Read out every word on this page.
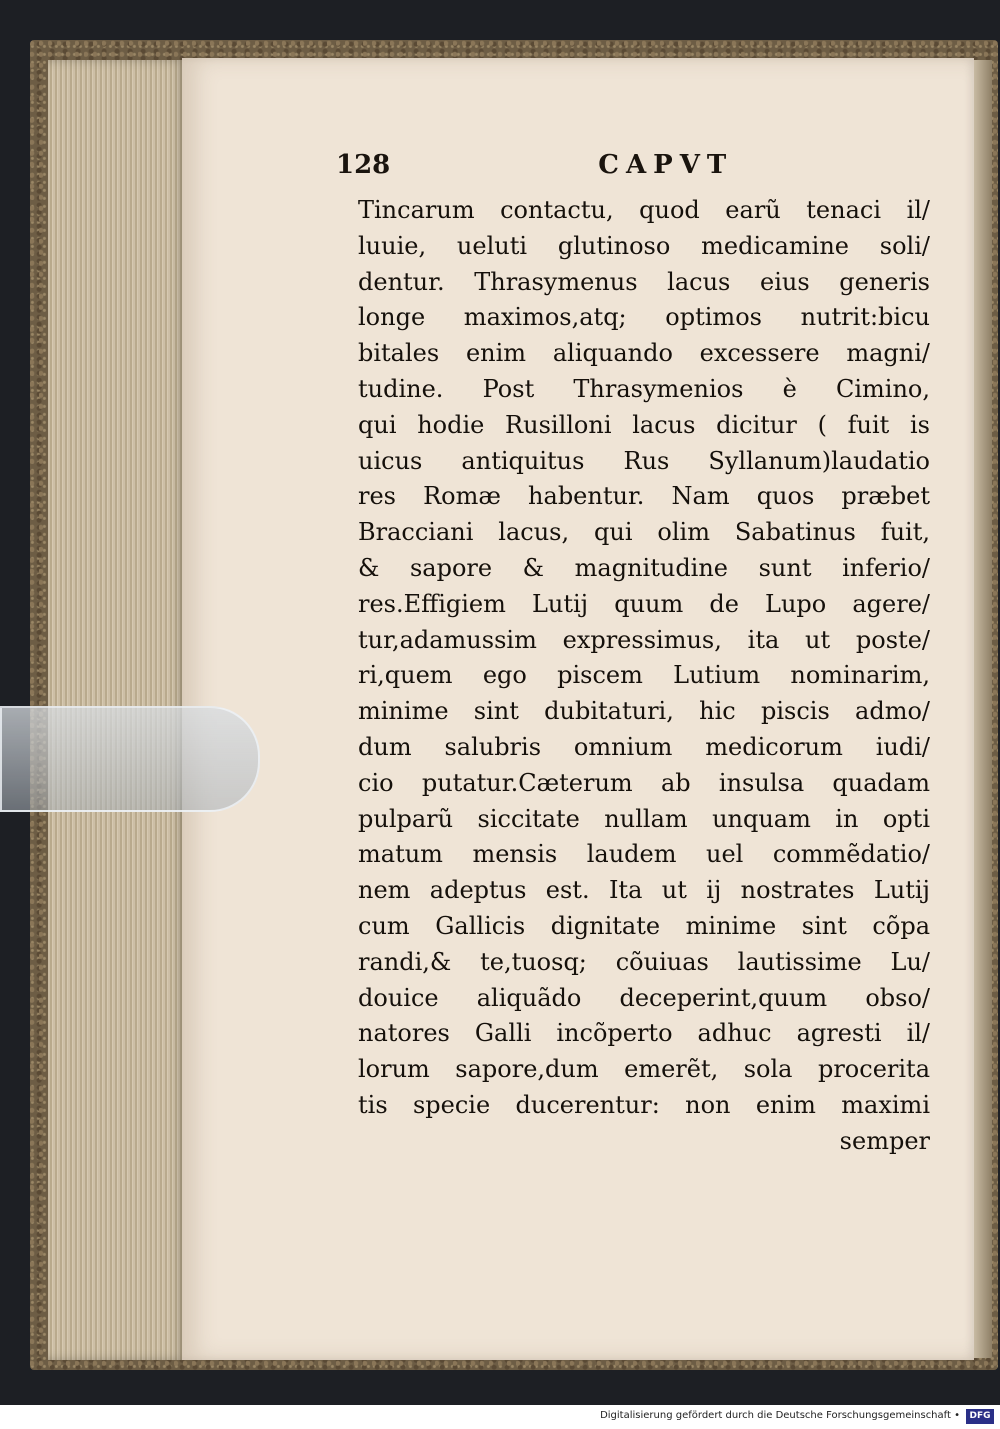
128	CAPVT
Tincarum contactu, quod earũ tenaci il/
luuie, ueluti glutinoso medicamine soli/
dentur. Thrasymenus lacus eius generis
longe maximos,atq; optimos nutrit:bicu
bitales enim aliquando excessere magni/
tudine. Post Thrasymenios è Cimino,
qui hodie Rusilloni lacus dicitur ( fuit is
uicus antiquitus Rus Syllanum)laudatio
res Romæ habentur. Nam quos præbet
Bracciani lacus, qui olim Sabatinus fuit,
& sapore & magnitudine sunt inferio/
res.Effigiem Lutij quum de Lupo agere/
tur,adamussim expressimus, ita ut poste/
ri,quem ego piscem Lutium nominarim,
minime sint dubitaturi, hic piscis admo/
dum salubris omnium medicorum iudi/
cio putatur.Cæterum ab insulsa quadam
pulparũ siccitate nullam unquam in opti
matum mensis laudem uel commẽdatio/
nem adeptus est. Ita ut ij nostrates Lutij
cum Gallicis dignitate minime sint cõpa
randi,& te,tuosq; cõuiuas lautissime Lu/
douice aliquãdo deceperint,quum obso/
natores Galli incõperto adhuc agresti il/
lorum sapore,dum emerẽt, sola procerita
tis specie ducerentur: non enim maximi
semper
Digitalisierung gefördert durch die Deutsche Forschungsgemeinschaft •	DFG
